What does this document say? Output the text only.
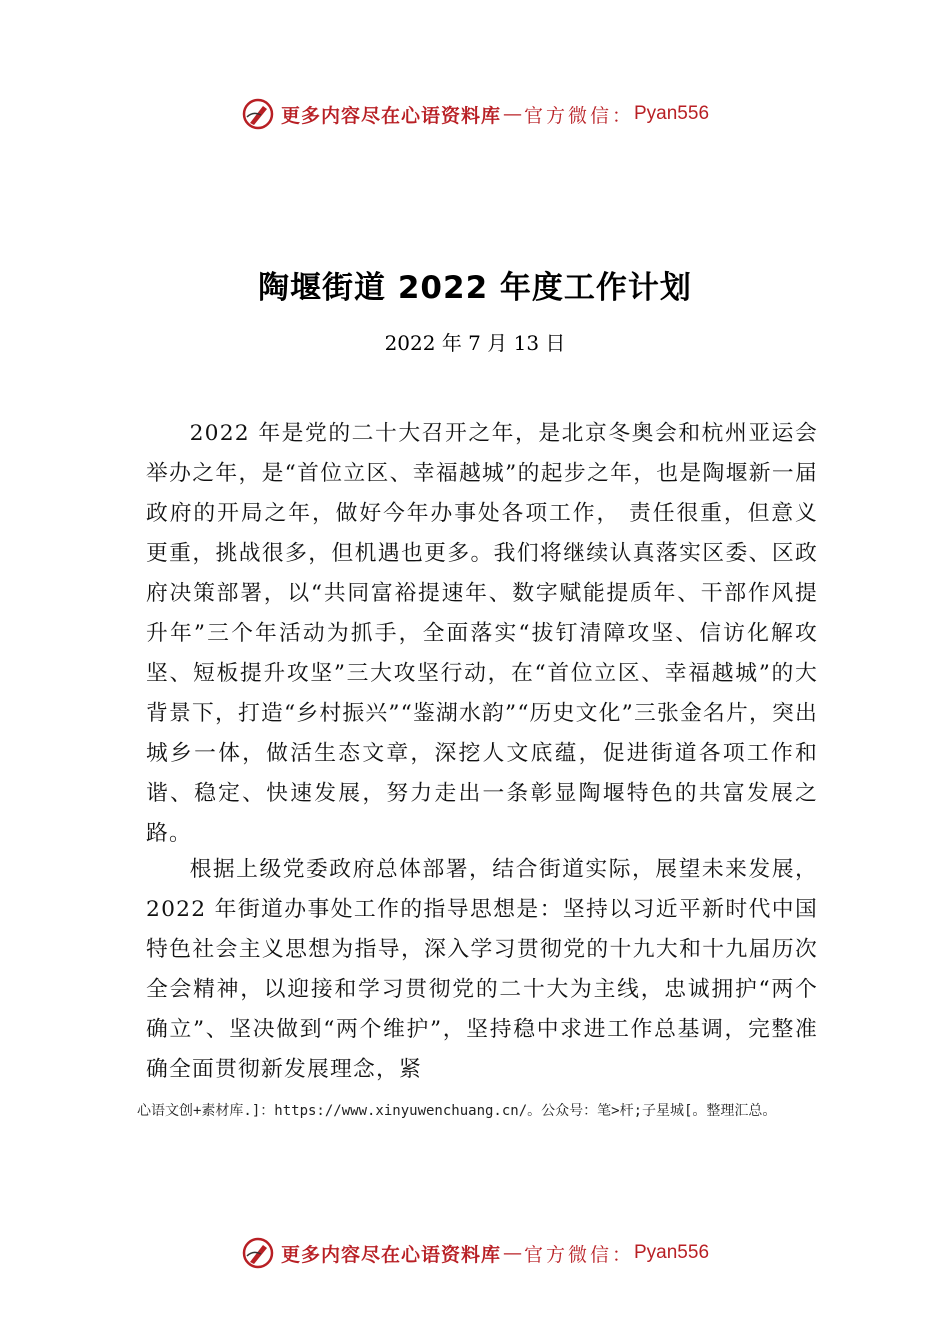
更多内容尽在心语资料库 — 官方微信： Pyan556
陶堰街道 2022 年度工作计划
2022 年 7 月 13 日

2022 年是党的二十大召开之年，是北京冬奥会和杭州亚运会举办之年，是“首位立区、幸福越城”的起步之年，也是陶堰新一届政府的开局之年，做好今年办事处各项工作， 责任很重，但意义更重，挑战很多，但机遇也更多。我们将继续认真落实区委、区政府决策部署，以“共同富裕提速年、数字赋能提质年、干部作风提升年”三个年活动为抓手，全面落实“拔钉清障攻坚、信访化解攻坚、短板提升攻坚”三大攻坚行动，在“首位立区、幸福越城”的大背景下，打造“乡村振兴”“鉴湖水韵”“历史文化”三张金名片，突出城乡一体，做活生态文章，深挖人文底蕴，促进街道各项工作和谐、稳定、快速发展，努力走出一条彰显陶堰特色的共富发展之路。

根据上级党委政府总体部署，结合街道实际，展望未来发展，2022 年街道办事处工作的指导思想是：坚持以习近平新时代中国特色社会主义思想为指导，深入学习贯彻党的十九大和十九届历次全会精神，以迎接和学习贯彻党的二十大为主线，忠诚拥护“两个确立”、坚决做到“两个维护”，坚持稳中求进工作总基调，完整准确全面贯彻新发展理念，紧

心语文创+素材库.]：https://www.xinyuwenchuang.cn/。公众号：笔>杆;子星城[。整理汇总。
更多内容尽在心语资料库 — 官方微信： Pyan556
